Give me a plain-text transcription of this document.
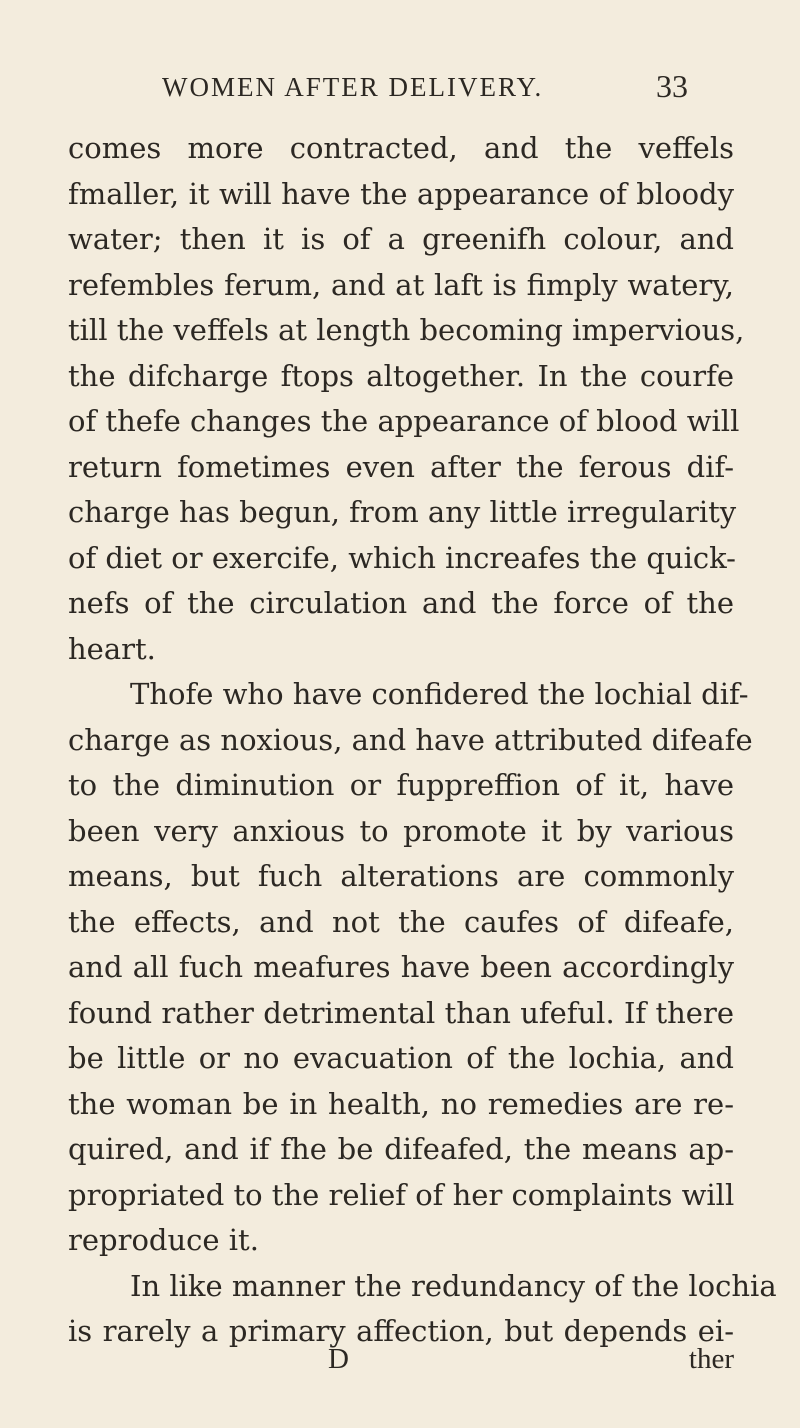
WOMEN AFTER DELIVERY.	33
comes more contracted, and the veffels
fmaller, it will have the appearance of bloody
water; then it is of a greenifh colour, and
refembles ferum, and at laft is fimply watery,
till the veffels at length becoming impervious,
the difcharge ftops altogether. In the courfe
of thefe changes the appearance of blood will
return fometimes even after the ferous dif-
charge has begun, from any little irregularity
of diet or exercife, which increafes the quick-
nefs of the circulation and the force of the
heart.
Thofe who have confidered the lochial dif-
charge as noxious, and have attributed difeafe
to the diminution or fuppreffion of it, have
been very anxious to promote it by various
means, but fuch alterations are commonly
the effects, and not the caufes of difeafe,
and all fuch meafures have been accordingly
found rather detrimental than ufeful. If there
be little or no evacuation of the lochia, and
the woman be in health, no remedies are re-
quired, and if fhe be difeafed, the means ap-
propriated to the relief of her complaints will
reproduce it.
In like manner the redundancy of the lochia
is rarely a primary affection, but depends ei-
D	ther
